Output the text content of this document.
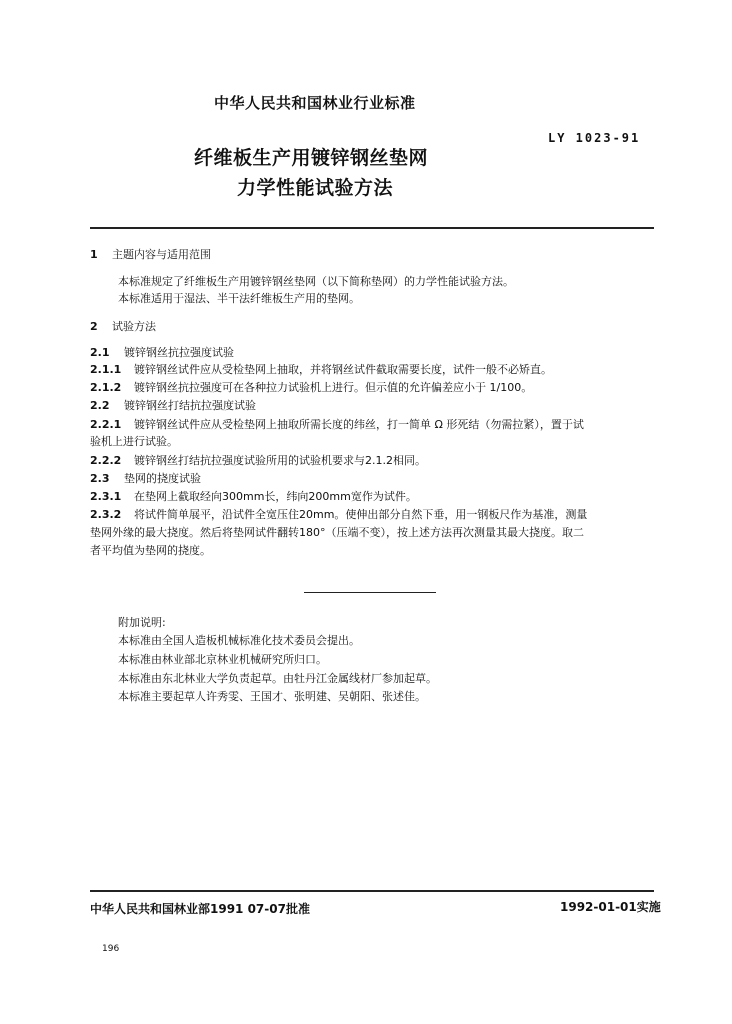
中华人民共和国林业行业标准
LY 1023-91
纤维板生产用镀锌钢丝垫网
力学性能试验方法
1 主题内容与适用范围
本标准规定了纤维板生产用镀锌钢丝垫网（以下简称垫网）的力学性能试验方法。
本标准适用于湿法、半干法纤维板生产用的垫网。
2 试验方法
2.1 镀锌钢丝抗拉强度试验
2.1.1 镀锌钢丝试件应从受检垫网上抽取，并将钢丝试件截取需要长度，试件一般不必矫直。
2.1.2 镀锌钢丝抗拉强度可在各种拉力试验机上进行。但示值的允许偏差应小于 1/100。
2.2 镀锌钢丝打结抗拉强度试验
2.2.1 镀锌钢丝试件应从受检垫网上抽取所需长度的纬丝，打一简单 Ω 形死结（勿需拉紧），置于试
验机上进行试验。
2.2.2 镀锌钢丝打结抗拉强度试验所用的试验机要求与2.1.2相同。
2.3 垫网的挠度试验
2.3.1 在垫网上截取经向300mm长，纬向200mm宽作为试件。
2.3.2 将试件简单展平，沿试件全宽压住20mm。使伸出部分自然下垂，用一钢板尺作为基准，测量
垫网外缘的最大挠度。然后将垫网试件翻转180°（压端不变），按上述方法再次测量其最大挠度。取二
者平均值为垫网的挠度。
附加说明:
本标准由全国人造板机械标准化技术委员会提出。
本标准由林业部北京林业机械研究所归口。
本标准由东北林业大学负责起草。由牡丹江金属线材厂参加起草。
本标准主要起草人许秀雯、王国才、张明建、吴朝阳、张述佳。
中华人民共和国林业部1991 07-07批准	1992-01-01实施
196
